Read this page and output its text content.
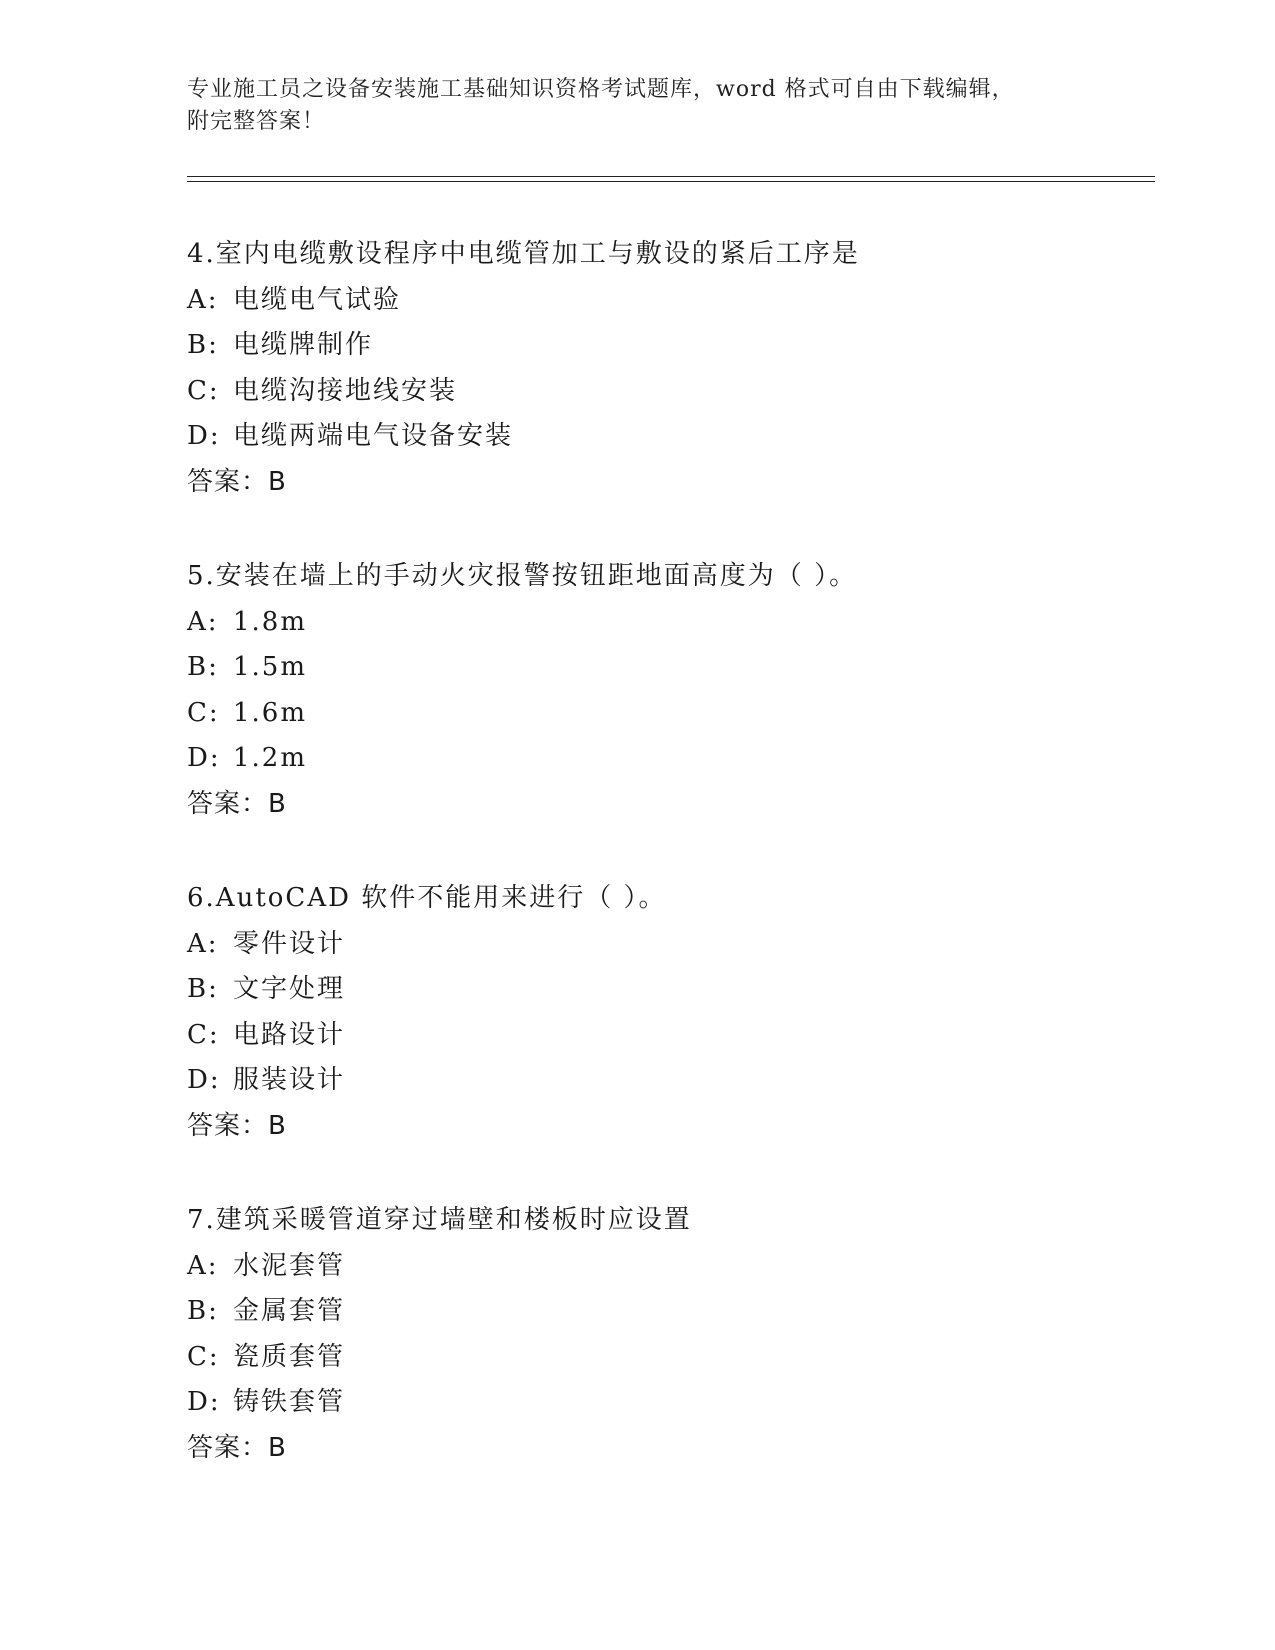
专业施工员之设备安装施工基础知识资格考试题库，word 格式可自由下载编辑，
附完整答案！
4.室内电缆敷设程序中电缆管加工与敷设的紧后工序是
A: 电缆电气试验
B: 电缆牌制作
C: 电缆沟接地线安装
D: 电缆两端电气设备安装
答案：B
5.安装在墙上的手动火灾报警按钮距地面高度为（ ）。
A: 1.8m
B: 1.5m
C: 1.6m
D: 1.2m
答案：B
6.AutoCAD 软件不能用来进行（ ）。
A: 零件设计
B: 文字处理
C: 电路设计
D: 服装设计
答案：B
7.建筑采暖管道穿过墙壁和楼板时应设置
A: 水泥套管
B: 金属套管
C: 瓷质套管
D: 铸铁套管
答案：B
